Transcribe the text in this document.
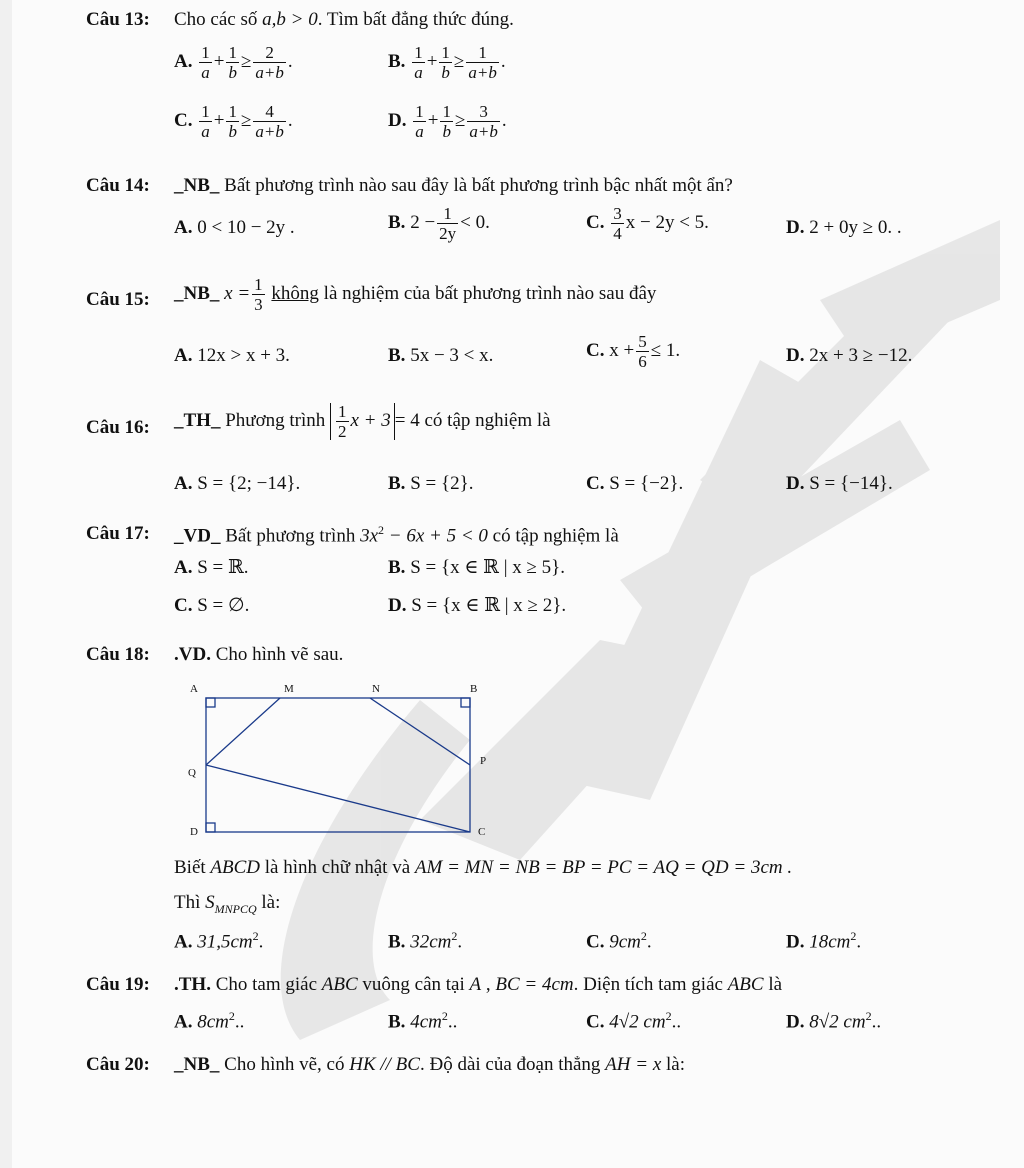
Câu 13: Cho các số a,b > 0. Tìm bất đẳng thức đúng.
A. $\frac{1}{a} + \frac{1}{b} \ge \frac{2}{a+b}$ .	B. $\frac{1}{a} + \frac{1}{b} \ge \frac{1}{a+b}$ .
C. $\frac{1}{a} + \frac{1}{b} \ge \frac{4}{a+b}$ .	D. $\frac{1}{a} + \frac{1}{b} \ge \frac{3}{a+b}$ .
Câu 14: _NB_ Bất phương trình nào sau đây là bất phương trình bậc nhất một ẩn?
A. 0 < 10 − 2y .	B. $2 - \frac{1}{2y} < 0$.	C. $\frac{3}{4}$ x − 2y < 5.	D. 2 + 0y ≥ 0. .
Câu 15: _NB_ $x = \frac{1}{3}$ không là nghiệm của bất phương trình nào sau đây
A. 12x > x + 3.	B. 5x − 3 < x.	C. $x + \frac{5}{6} \le 1$.	D. 2x + 3 ≥ −12.
Câu 16: _TH_ Phương trình $\frac{1}{2}$ x + 3 = 4 có tập nghiệm là
A. S = {2; −14}.	B. S = {2}.	C. S = {−2}.	D. S = {−14}.
Câu 17: _VD_ Bất phương trình $3x^2 - 6x + 5 < 0$ có tập nghiệm là
A. S = ℝ.	B. S = {x ∈ ℝ | x ≥ 5}.
C. S = ∅.	D. S = {x ∈ ℝ | x ≥ 2}.
Câu 18: .VD. Cho hình vẽ sau.
A	M	N	B
Q
P
D	C
Biết ABCD là hình chữ nhật và AM = MN = NB = BP = PC = AQ = QD = 3cm .
Thì $S_{MNPCQ}$ là:
A. $31,5cm^2$.	B. $32cm^2$.	C. $9cm^2$.	D. $18cm^2$.
Câu 19: .TH. Cho tam giác ABC vuông cân tại A , BC = 4cm. Diện tích tam giác ABC là
A. $8cm^2$..	B. $4cm^2$..	C. 4√2 $cm^2$..	D. 8√2 $cm^2$..
Câu 20: _NB_ Cho hình vẽ, có HK // BC. Độ dài của đoạn thẳng AH = x là:
